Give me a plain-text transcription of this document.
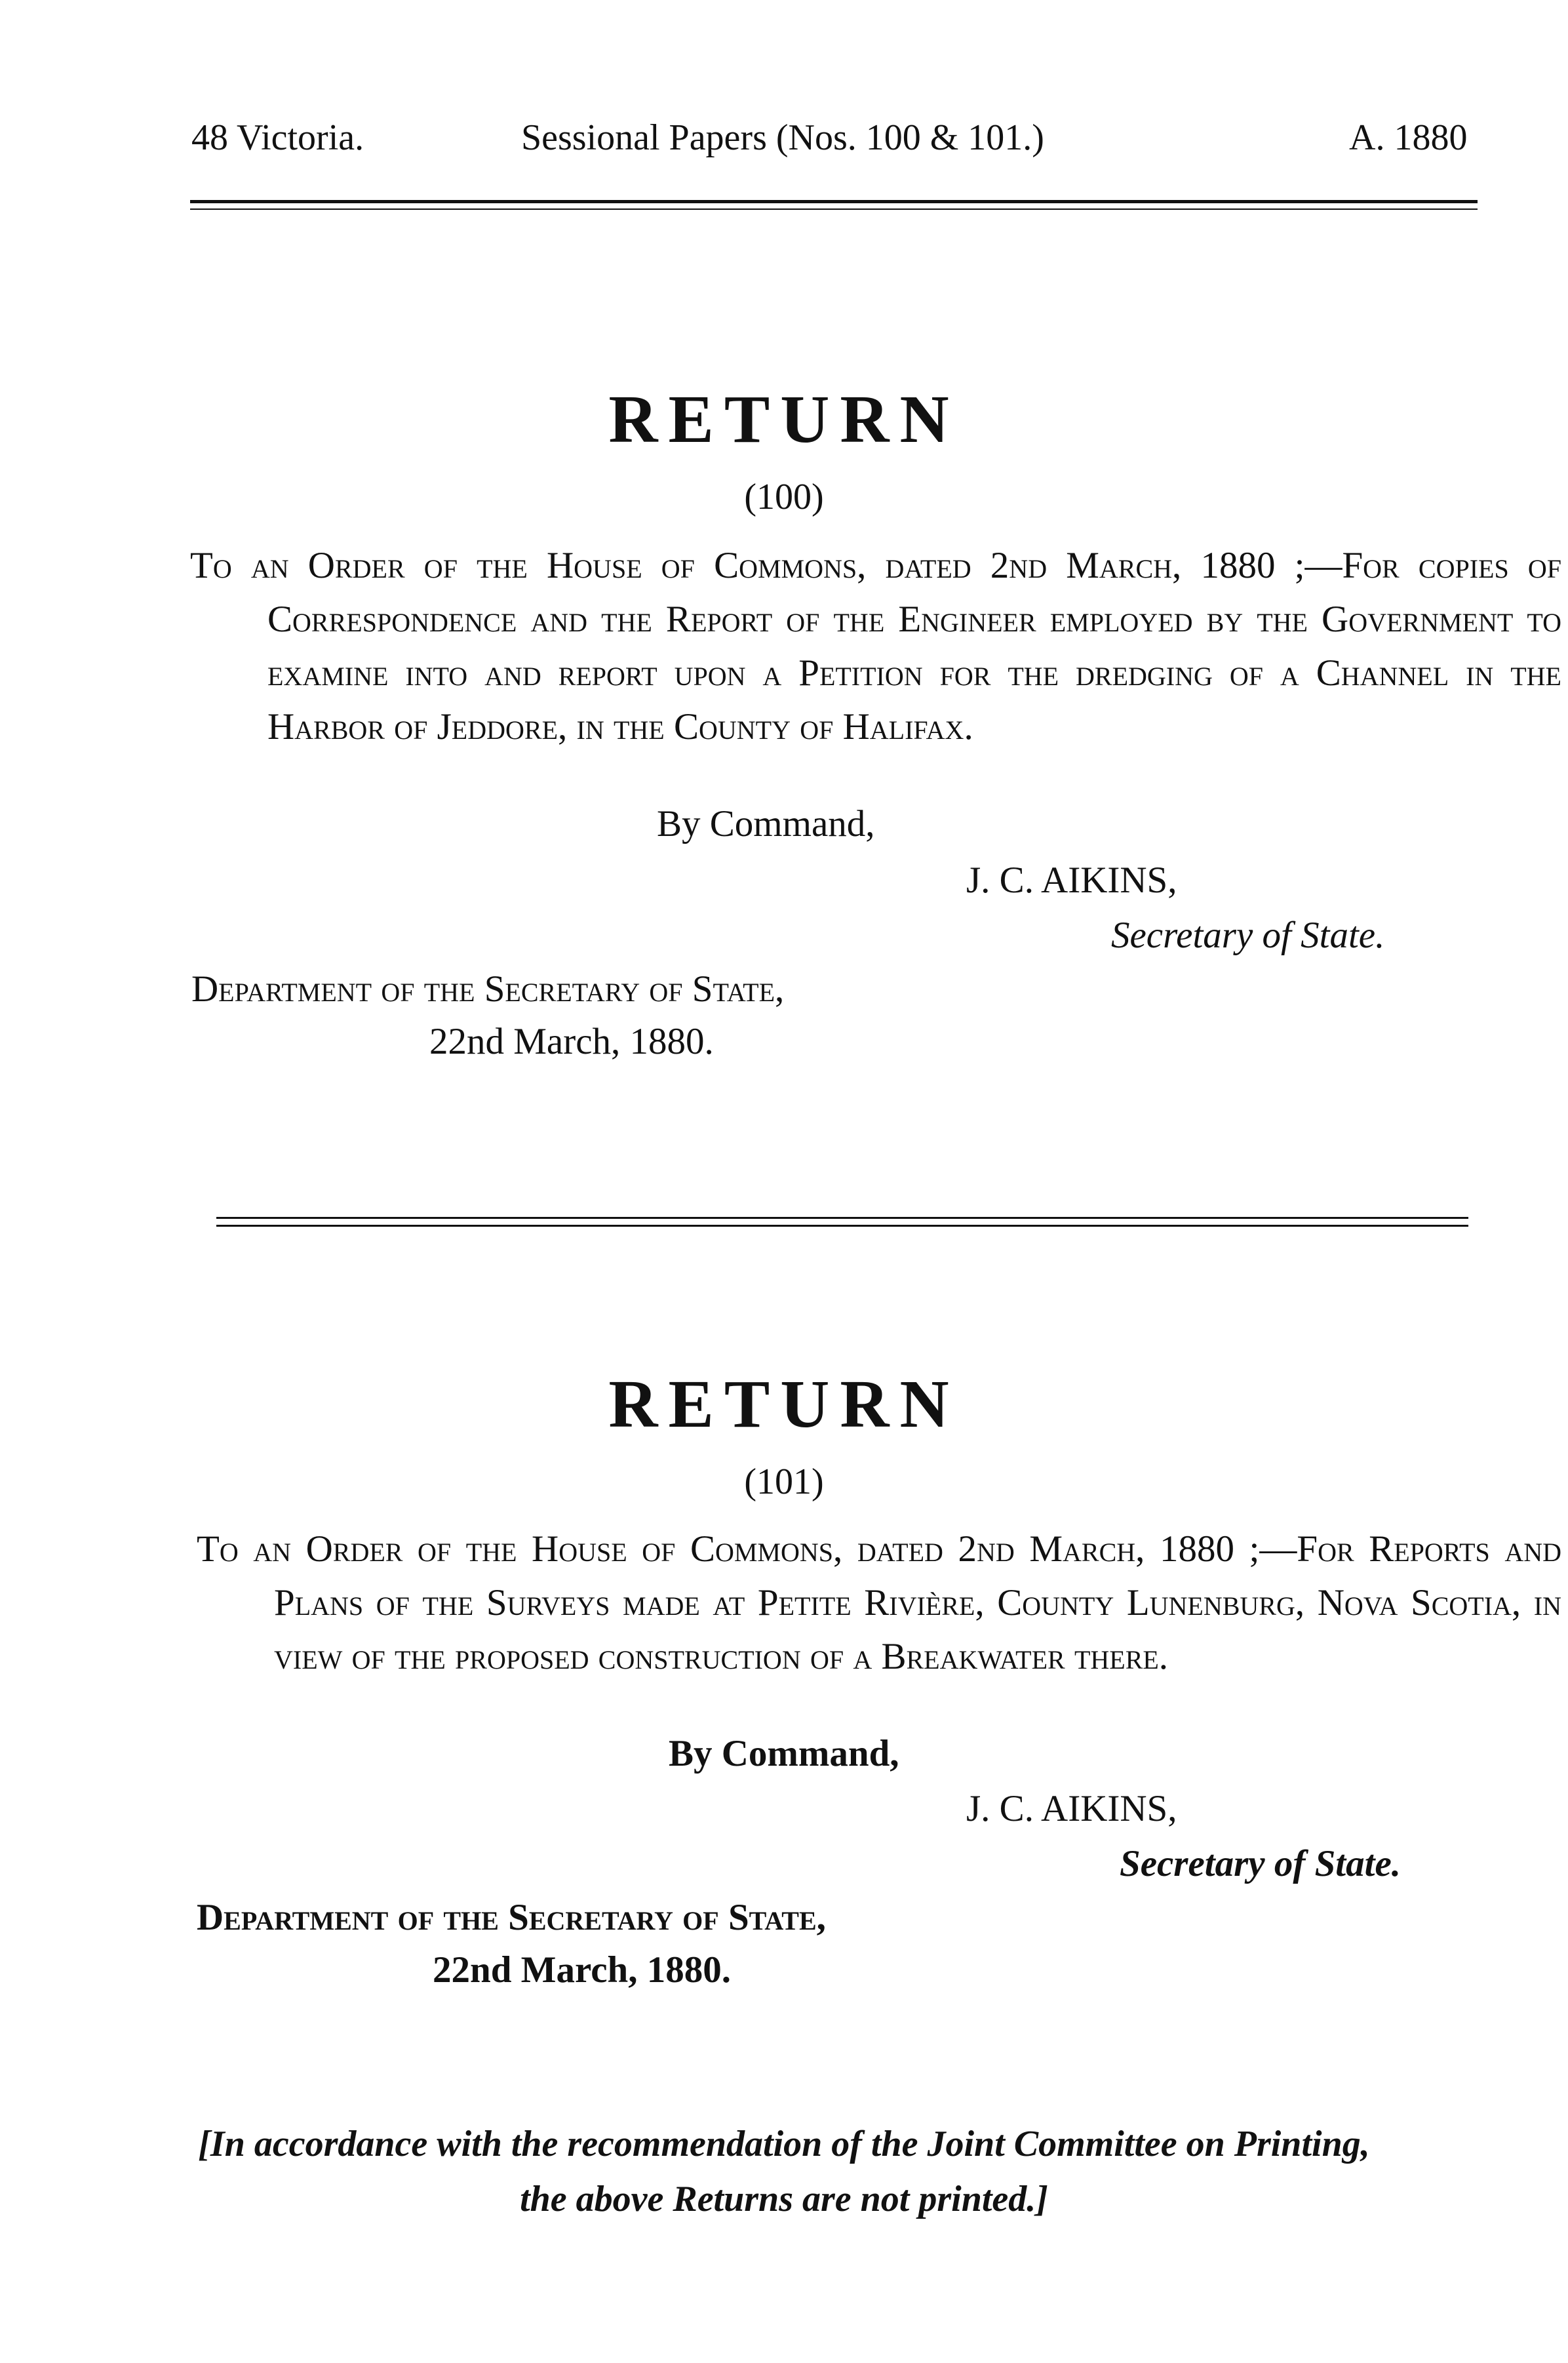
48 Victoria.	Sessional Papers (Nos. 100 & 101.)	A. 1880
RETURN
(100)
To an Order of the House of Commons, dated 2nd March, 1880 ;—For copies of Correspondence and the Report of the Engineer employed by the Government to examine into and report upon a Petition for the dredging of a Channel in the Harbor of Jeddore, in the County of Halifax.
By Command,
J. C. AIKINS,
Secretary of State.
Department of the Secretary of State,
22nd March, 1880.
RETURN
(101)
To an Order of the House of Commons, dated 2nd March, 1880 ;—For Reports and Plans of the Surveys made at Petite Rivière, County Lunenburg, Nova Scotia, in view of the proposed construction of a Breakwater there.
By Command,
J. C. AIKINS,
Secretary of State.
Department of the Secretary of State,
22nd March, 1880.
[In accordance with the recommendation of the Joint Committee on Printing,
the above Returns are not printed.]
